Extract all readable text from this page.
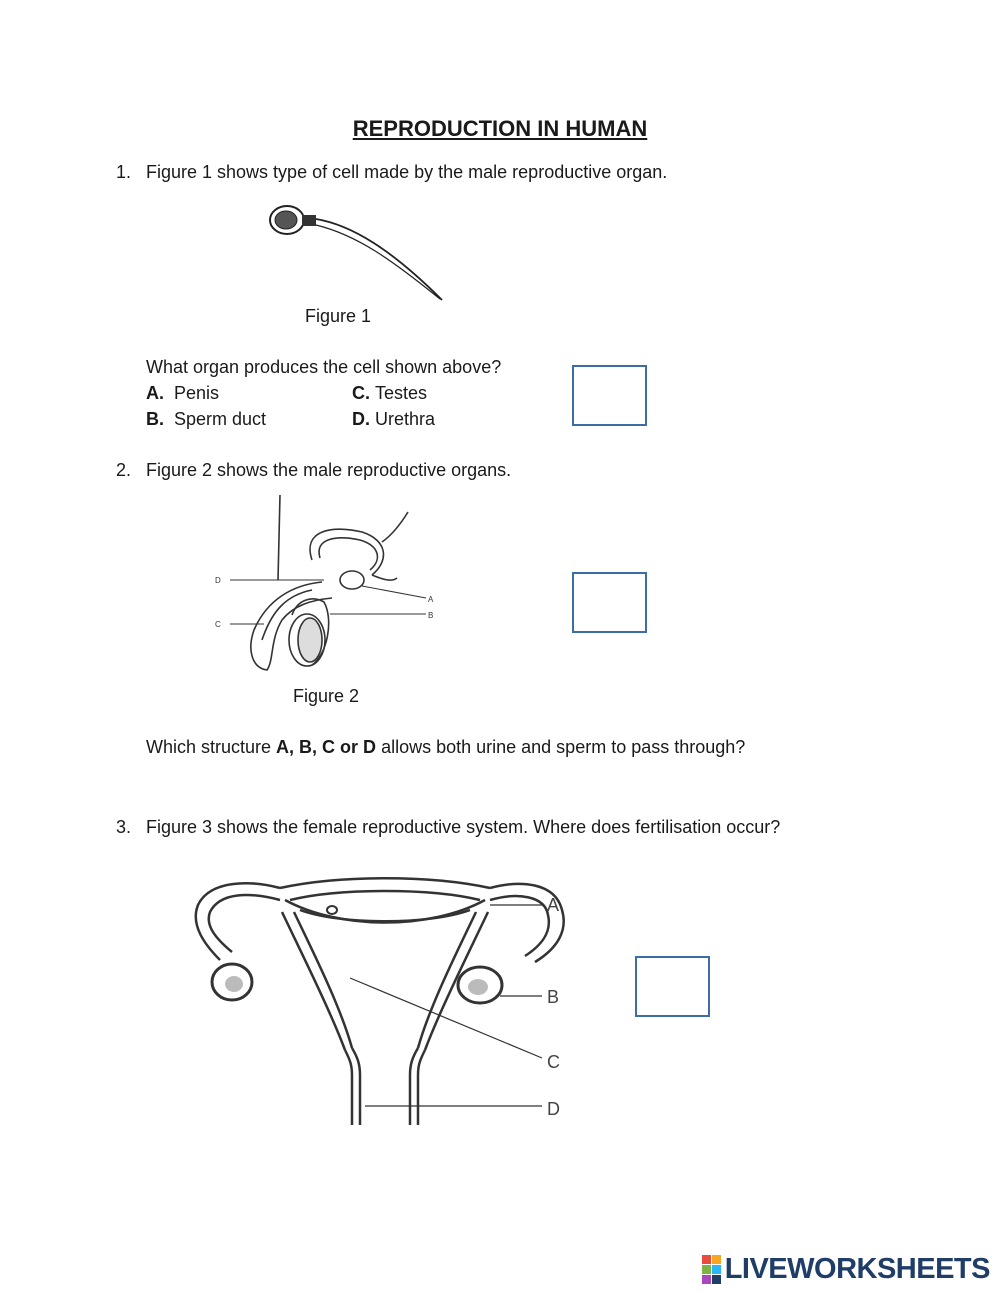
REPRODUCTION IN HUMAN
1. Figure 1 shows type of cell made by the male reproductive organ.
Figure 1
What organ produces the cell shown above?
A. Penis
B. Sperm duct
C. Testes
D. Urethra
2. Figure 2 shows the male reproductive organs.
D
C
A
B
Figure 2
Which structure A, B, C or D allows both urine and sperm to pass through?
3. Figure 3 shows the female reproductive system. Where does fertilisation occur?
A
B
C
D
LIVEWORKSHEETS
